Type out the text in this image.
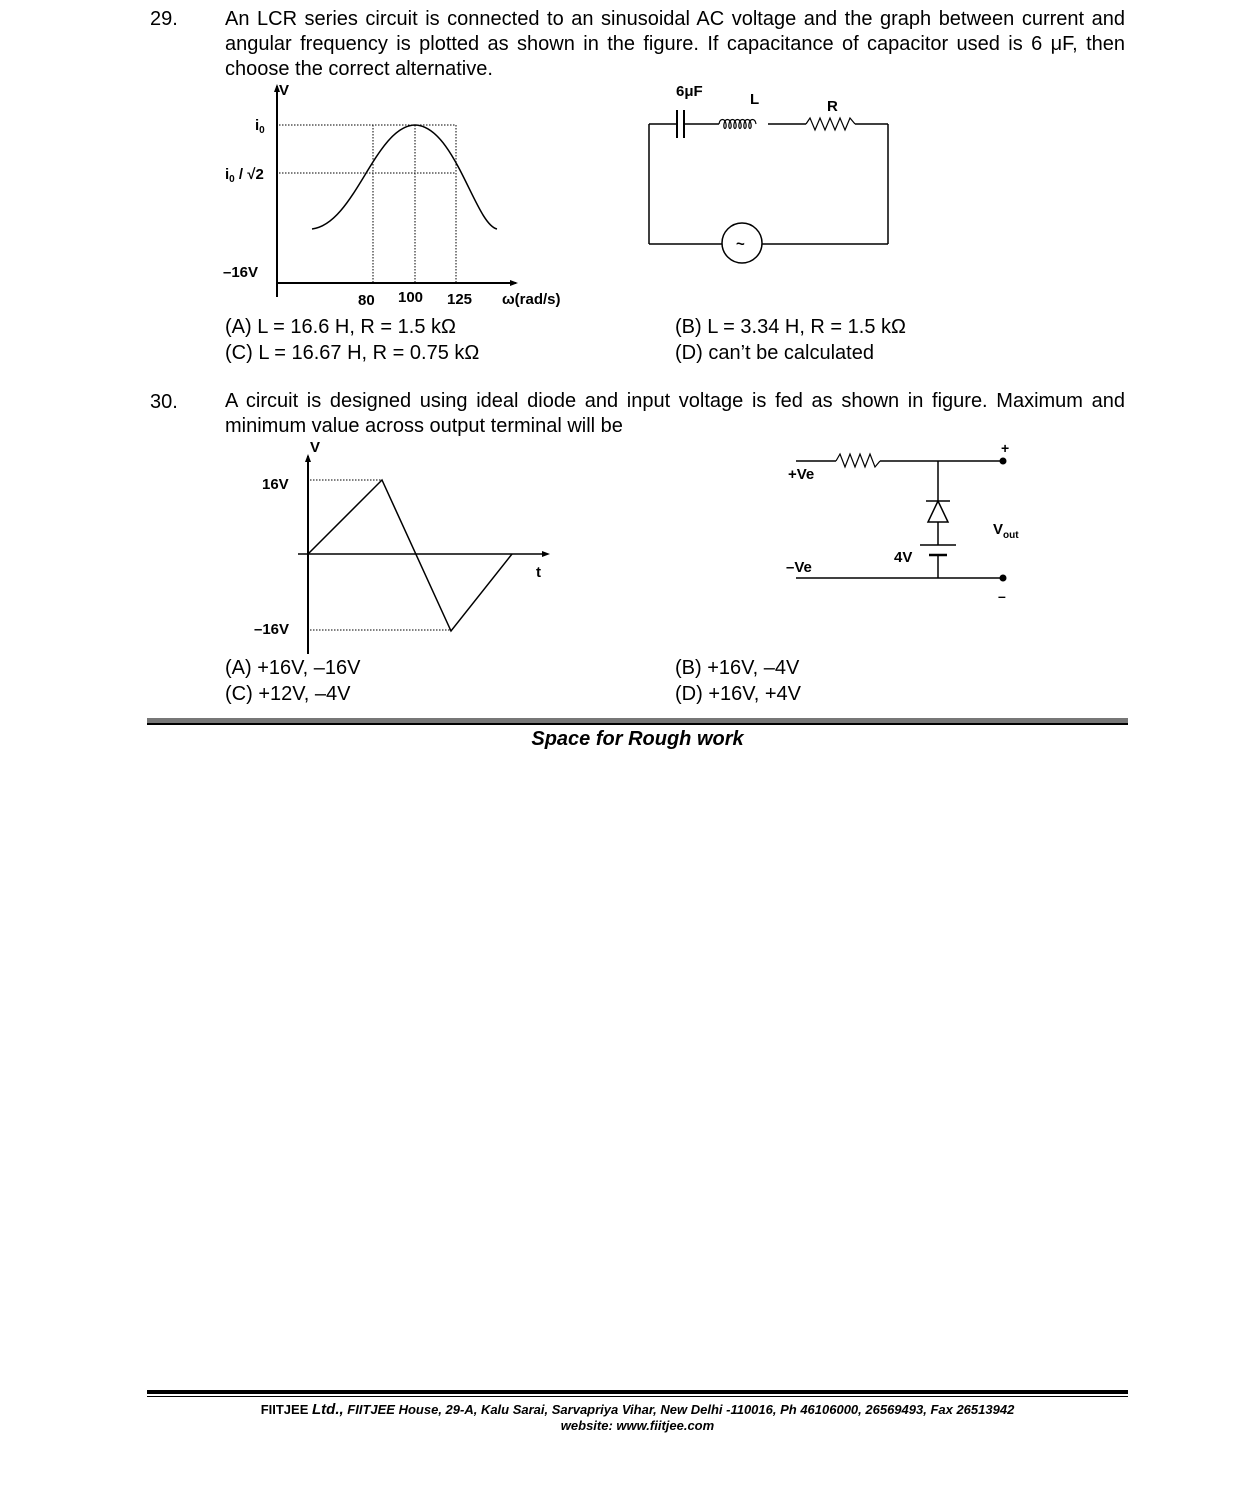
29. An LCR series circuit is connected to an sinusoidal AC voltage and the graph between current and angular frequency is plotted as shown in the figure. If capacitance of capacitor used is 6 μF, then choose the correct alternative.
V
$i_0$
$i_0 / √2$
–16V
80 100 125 ω(rad/s)
~
6μF	L	R
(A) L = 16.6 H, R = 1.5 kΩ	(B) L = 3.34 H, R = 1.5 kΩ
(C) L = 16.67 H, R = 0.75 kΩ	(D) can’t be calculated
30. A circuit is designed using ideal diode and input voltage is fed as shown in figure. Maximum and minimum value across output terminal will be
V
16V
–16V
t
+Ve
–Ve
4V
$V_{out}$
+
–
(A) +16V, –16V	(B) +16V, –4V
(C) +12V, –4V	(D) +16V, +4V
Space for Rough work
FIITJEE Ltd., FIITJEE House, 29-A, Kalu Sarai, Sarvapriya Vihar, New Delhi -110016, Ph 46106000, 26569493, Fax 26513942
website: www.fiitjee.com
